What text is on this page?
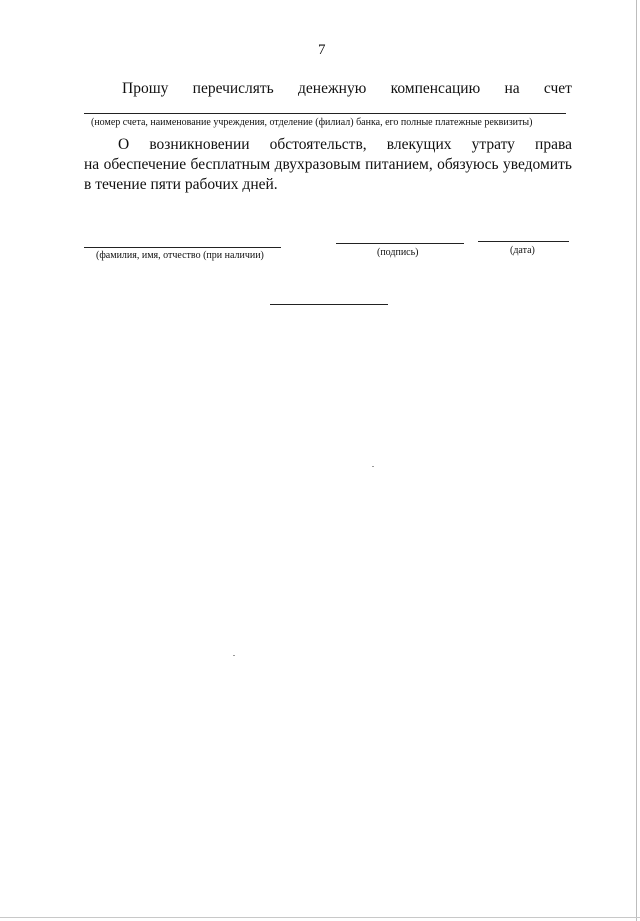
7
Прошу перечислять денежную компенсацию на счет
(номер счета, наименование учреждения, отделение (филиал) банка, его полные платежные реквизиты)
О возникновении обстоятельств, влекущих утрату права
на обеспечение бесплатным двухразовым питанием, обязуюсь уведомить
в течение пяти рабочих дней.
(фамилия, имя, отчество (при наличии)	(подпись)	(дата)
